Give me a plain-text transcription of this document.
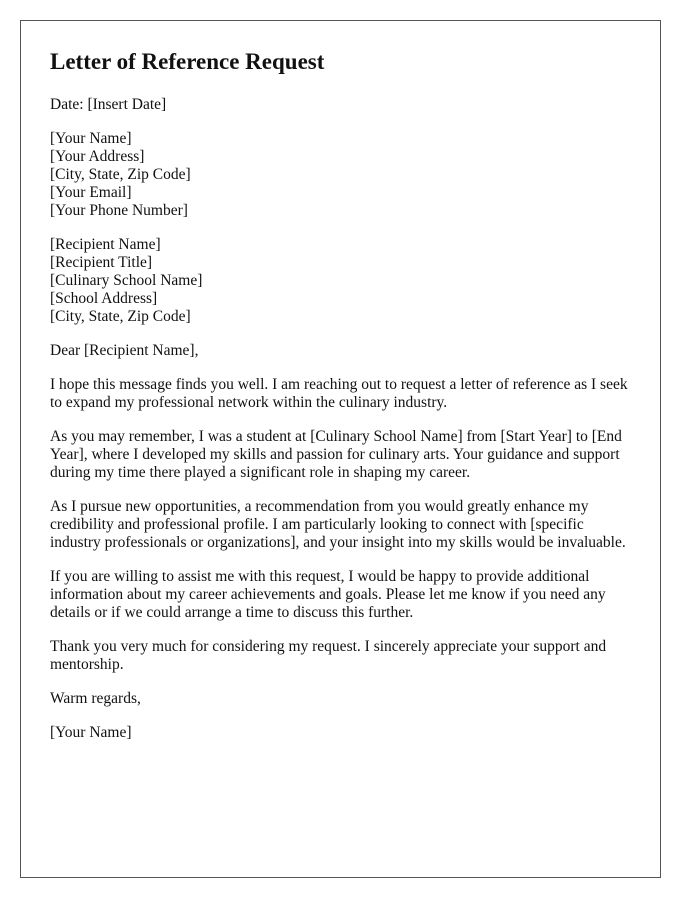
Letter of Reference Request
Date: [Insert Date]
[Your Name]
[Your Address]
[City, State, Zip Code]
[Your Email]
[Your Phone Number]
[Recipient Name]
[Recipient Title]
[Culinary School Name]
[School Address]
[City, State, Zip Code]
Dear [Recipient Name],

I hope this message finds you well. I am reaching out to request a letter of reference as I seek to expand my professional network within the culinary industry.

As you may remember, I was a student at [Culinary School Name] from [Start Year] to [End Year], where I developed my skills and passion for culinary arts. Your guidance and support during my time there played a significant role in shaping my career.

As I pursue new opportunities, a recommendation from you would greatly enhance my credibility and professional profile. I am particularly looking to connect with [specific industry professionals or organizations], and your insight into my skills would be invaluable.

If you are willing to assist me with this request, I would be happy to provide additional information about my career achievements and goals. Please let me know if you need any details or if we could arrange a time to discuss this further.

Thank you very much for considering my request. I sincerely appreciate your support and mentorship.

Warm regards,
[Your Name]
